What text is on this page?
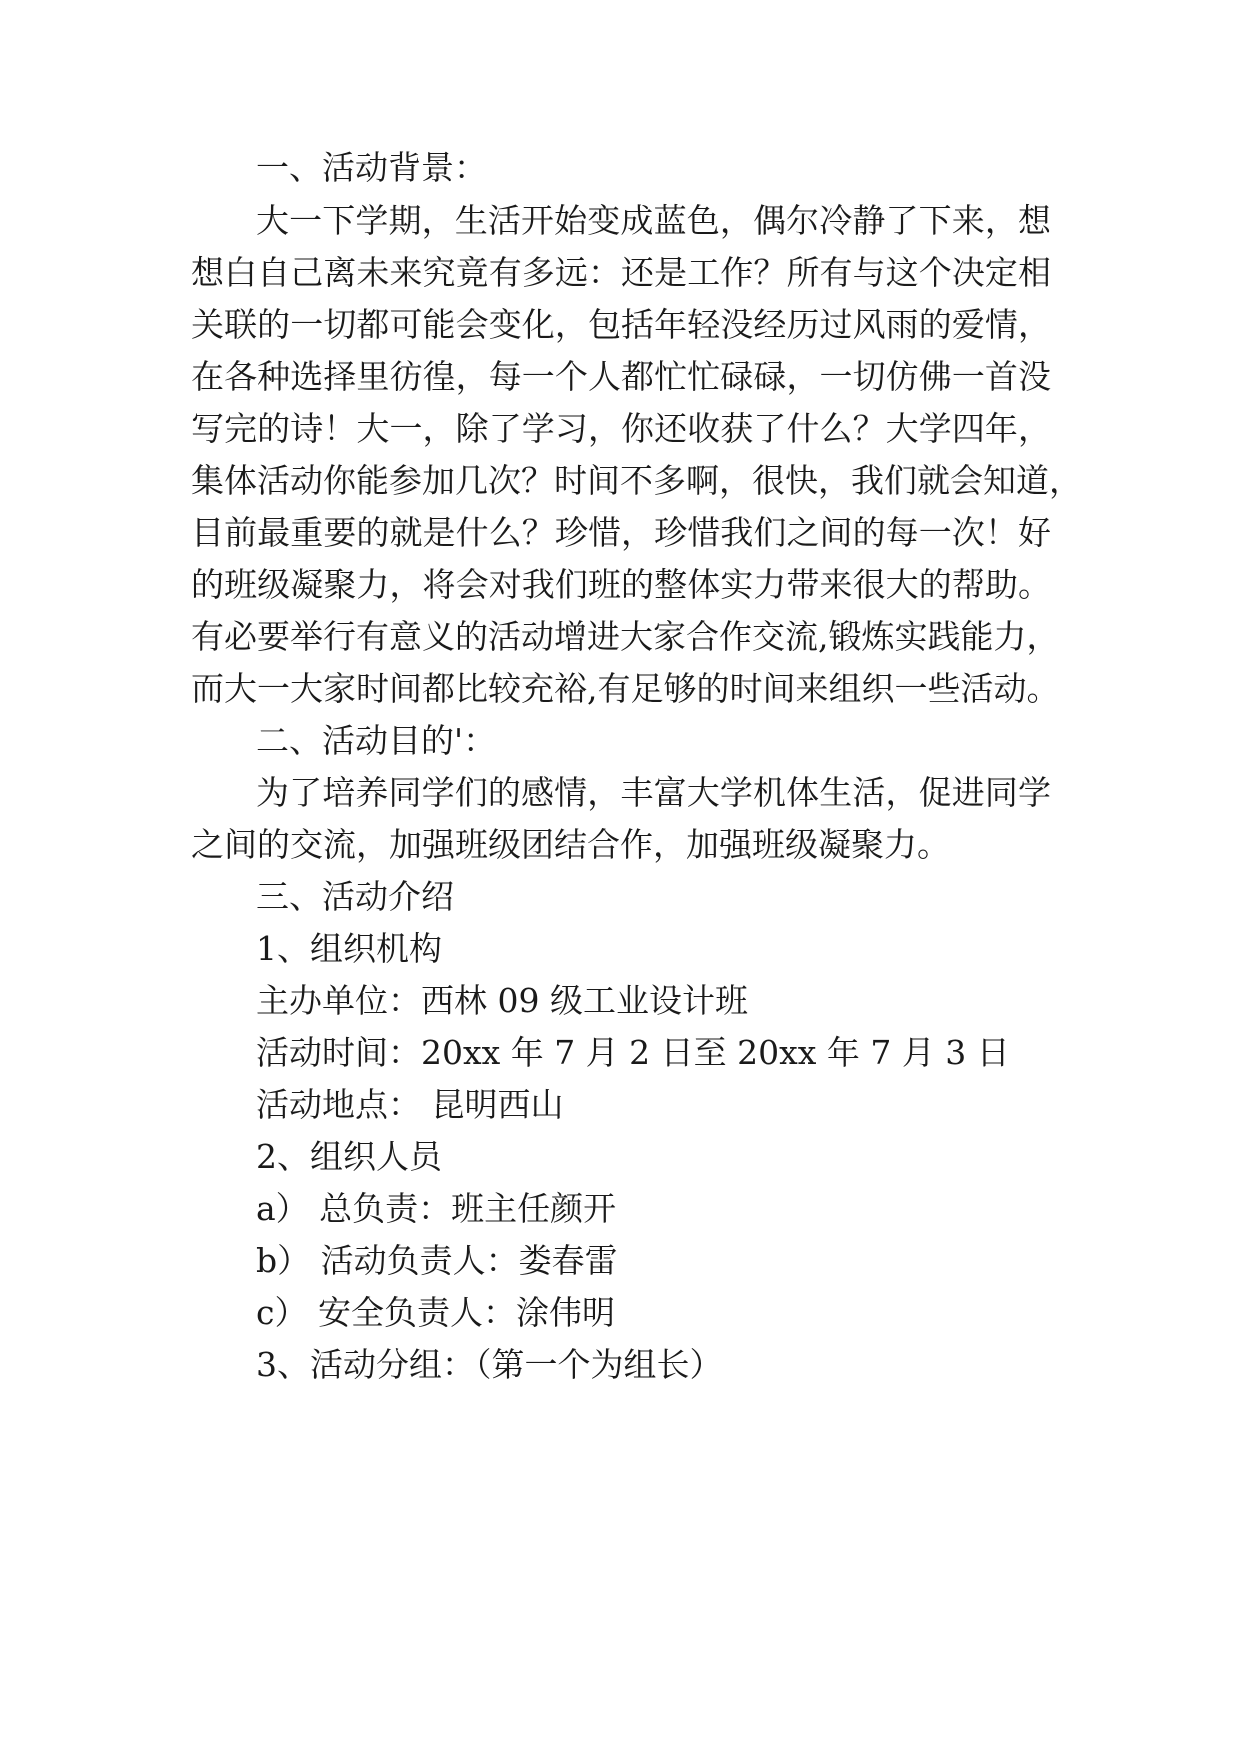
一、活动背景：
大一下学期，生活开始变成蓝色，偶尔冷静了下来，想
想白自己离未来究竟有多远：还是工作？所有与这个决定相
关联的一切都可能会变化，包括年轻没经历过风雨的爱情，
在各种选择里彷徨，每一个人都忙忙碌碌，一切仿佛一首没
写完的诗！大一，除了学习，你还收获了什么？大学四年，
集体活动你能参加几次？时间不多啊，很快，我们就会知道，
目前最重要的就是什么？珍惜，珍惜我们之间的每一次！好
的班级凝聚力，将会对我们班的整体实力带来很大的帮助。
有必要举行有意义的活动增进大家合作交流,锻炼实践能力，
而大一大家时间都比较充裕,有足够的时间来组织一些活动。
二、活动目的'：
为了培养同学们的感情，丰富大学机体生活，促进同学
之间的交流，加强班级团结合作，加强班级凝聚力。
三、活动介绍
1、组织机构
主办单位：西林 09 级工业设计班
活动时间：20xx 年 7 月 2 日至 20xx 年 7 月 3 日
活动地点： 昆明西山
2、组织人员
a） 总负责：班主任颜开
b） 活动负责人：娄春雷
c） 安全负责人：涂伟明
3、活动分组：（第一个为组长）
